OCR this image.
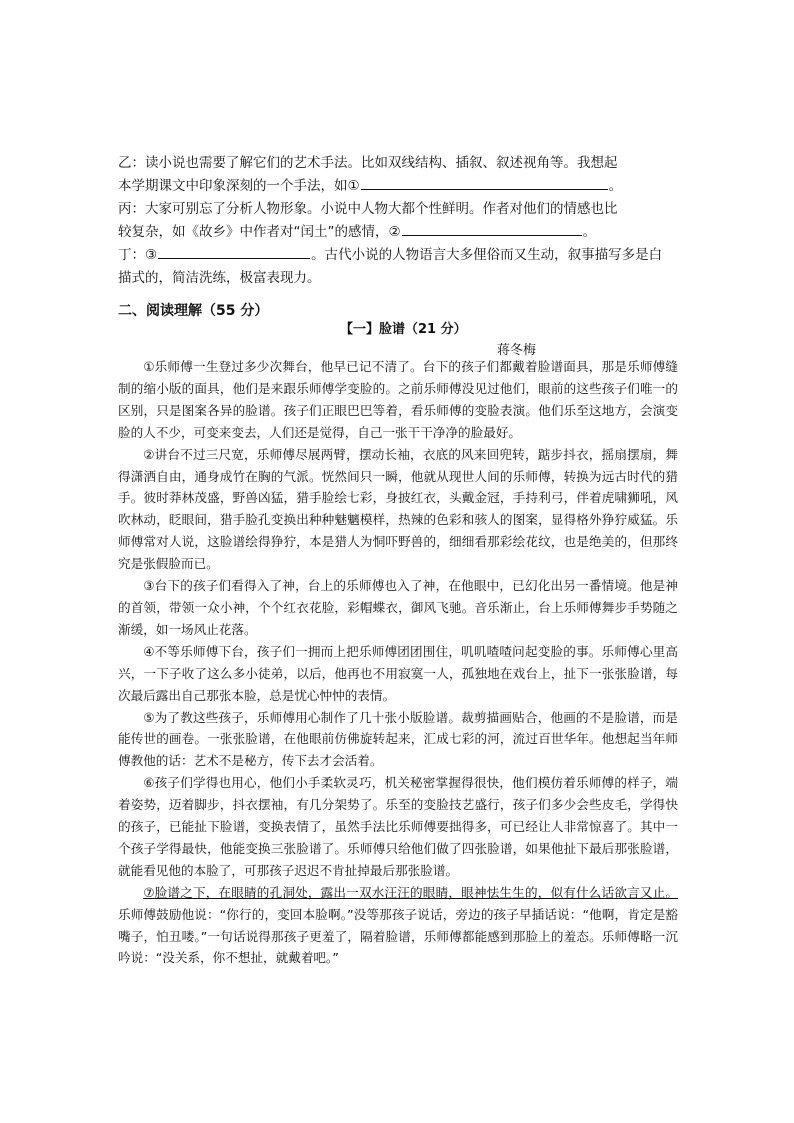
乙：读小说也需要了解它们的艺术手法。比如双线结构、插叙、叙述视角等。我想起
本学期课文中印象深刻的一个手法，如①	。
丙：大家可别忘了分析人物形象。小说中人物大都个性鲜明。作者对他们的情感也比
较复杂，如《故乡》中作者对“闰土”的感情，②	。
丁：③	。古代小说的人物语言大多俚俗而又生动，叙事描写多是白
描式的，简洁洗练，极富表现力。
二、阅读理解（55 分）
【一】脸谱（21 分）
蒋冬梅

①乐师傅一生登过多少次舞台，他早已记不清了。台下的孩子们都戴着脸谱面具，那是乐师傅缝制的缩小版的面具，他们是来跟乐师傅学变脸的。之前乐师傅没见过他们，眼前的这些孩子们唯一的区别，只是图案各异的脸谱。孩子们正眼巴巴等着，看乐师傅的变脸表演。他们乐至这地方，会演变脸的人不少，可变来变去，人们还是觉得，自己一张干干净净的脸最好。

②讲台不过三尺宽，乐师傅尽展两臂，摆动长袖，衣底的风来回兜转，踮步抖衣，摇扇摆扇，舞得潇洒自由，通身成竹在胸的气派。恍然间只一瞬，他就从现世人间的乐师傅，转换为远古时代的猎手。彼时莽林茂盛，野兽凶猛，猎手脸绘七彩，身披红衣，头戴金冠，手持利弓，伴着虎啸狮吼，风吹林动，眨眼间，猎手脸孔变换出种种魅魑模样，热辣的色彩和骇人的图案，显得格外狰狞威猛。乐师傅常对人说，这脸谱绘得狰狞，本是猎人为恫吓野兽的，细细看那彩绘花纹，也是绝美的，但那终究是张假脸而已。

③台下的孩子们看得入了神，台上的乐师傅也入了神，在他眼中，已幻化出另一番情境。他是神的首领，带领一众小神，个个红衣花脸，彩帽蝶衣，御风飞驰。音乐渐止，台上乐师傅舞步手势随之渐缓，如一场风止花落。

④不等乐师傅下台，孩子们一拥而上把乐师傅团团围住，叽叽喳喳问起变脸的事。乐师傅心里高兴，一下子收了这么多小徒弟，以后，他再也不用寂寞一人，孤独地在戏台上，扯下一张张脸谱，每次最后露出自己那张本脸，总是忧心忡忡的表情。

⑤为了教这些孩子，乐师傅用心制作了几十张小版脸谱。裁剪描画贴合，他画的不是脸谱，而是能传世的画卷。一张张脸谱，在他眼前仿佛旋转起来，汇成七彩的河，流过百世华年。他想起当年师傅教他的话：艺术不是秘方，传下去才会活着。

⑥孩子们学得也用心，他们小手柔软灵巧，机关秘密掌握得很快，他们模仿着乐师傅的样子，端着姿势，迈着脚步，抖衣摆袖，有几分架势了。乐至的变脸技艺盛行，孩子们多少会些皮毛，学得快的孩子，已能扯下脸谱，变换表情了，虽然手法比乐师傅要拙得多，可已经让人非常惊喜了。其中一个孩子学得最快，他能变换三张脸谱了。乐师傅只给他们做了四张脸谱，如果他扯下最后那张脸谱，就能看见他的本脸了，可那孩子迟迟不肯扯掉最后那张脸谱。

⑦脸谱之下，在眼睛的孔洞处，露出一双水汪汪的眼睛，眼神怯生生的，似有什么话欲言又止。乐师傅鼓励他说：“你行的，变回本脸啊。”没等那孩子说话，旁边的孩子早插话说：“他啊，肯定是豁嘴子，怕丑喽。”一句话说得那孩子更羞了，隔着脸谱，乐师傅都能感到那脸上的羞态。乐师傅略一沉吟说：“没关系，你不想扯，就戴着吧。”
